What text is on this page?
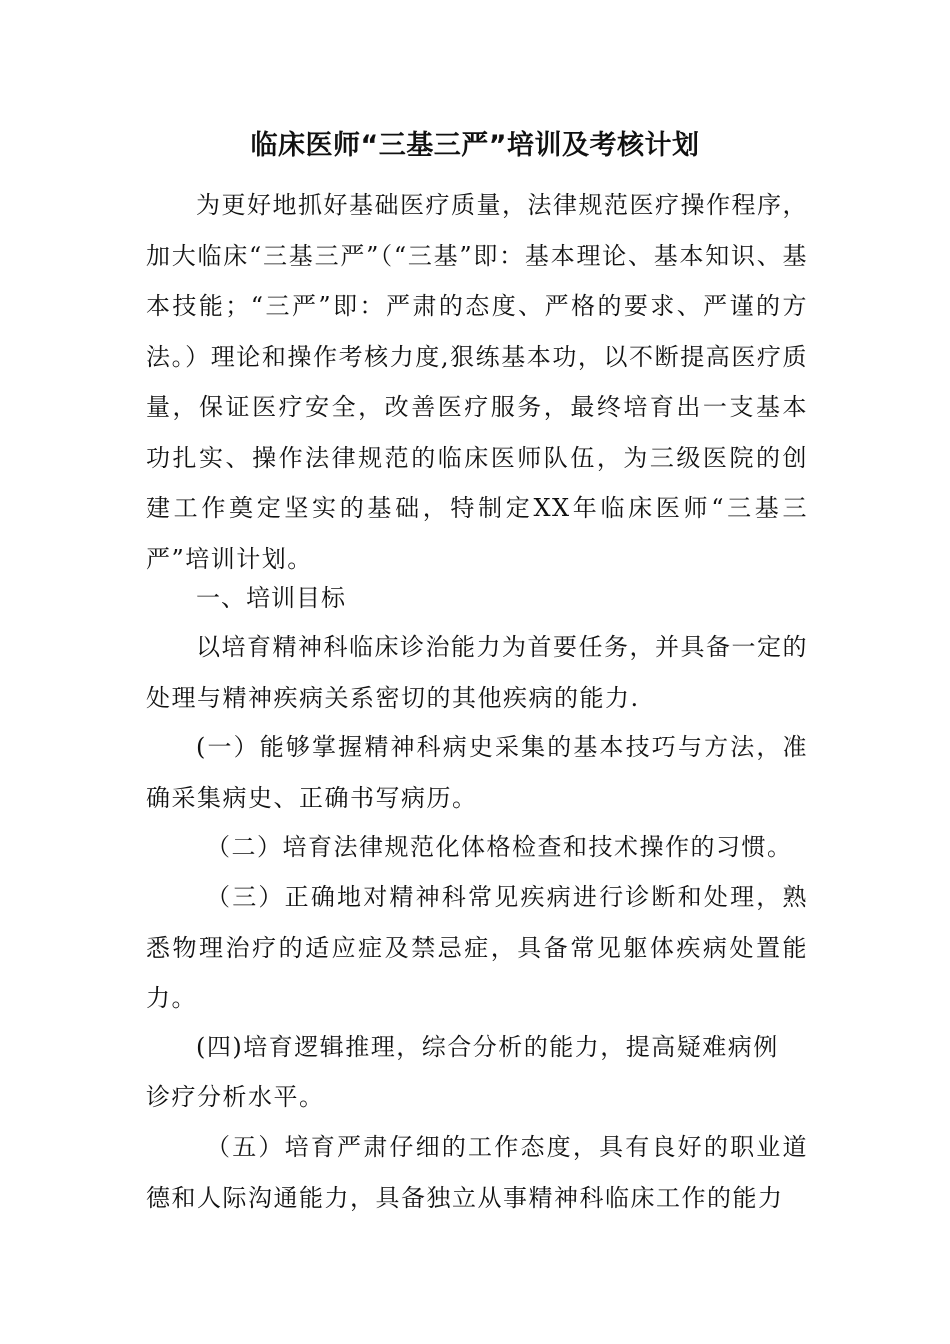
临床医师“三基三严”培训及考核计划
为更好地抓好基础医疗质量，法律规范医疗操作程序，加大临床“三基三严”（“三基”即：基本理论、基本知识、基本技能；“三严”即：严肃的态度、严格的要求、严谨的方法。）理论和操作考核力度,狠练基本功，以不断提高医疗质量，保证医疗安全，改善医疗服务，最终培育出一支基本功扎实、操作法律规范的临床医师队伍，为三级医院的创建工作奠定坚实的基础，特制定XX年临床医师“三基三严”培训计划。
一、培训目标
以培育精神科临床诊治能力为首要任务，并具备一定的处理与精神疾病关系密切的其他疾病的能力.
(一）能够掌握精神科病史采集的基本技巧与方法，准确采集病史、正确书写病历。
（二）培育法律规范化体格检查和技术操作的习惯。
（三）正确地对精神科常见疾病进行诊断和处理，熟悉物理治疗的适应症及禁忌症，具备常见躯体疾病处置能力。
(四)培育逻辑推理，综合分析的能力，提高疑难病例
诊疗分析水平。
（五）培育严肃仔细的工作态度，具有良好的职业道德和人际沟通能力，具备独立从事精神科临床工作的能力
